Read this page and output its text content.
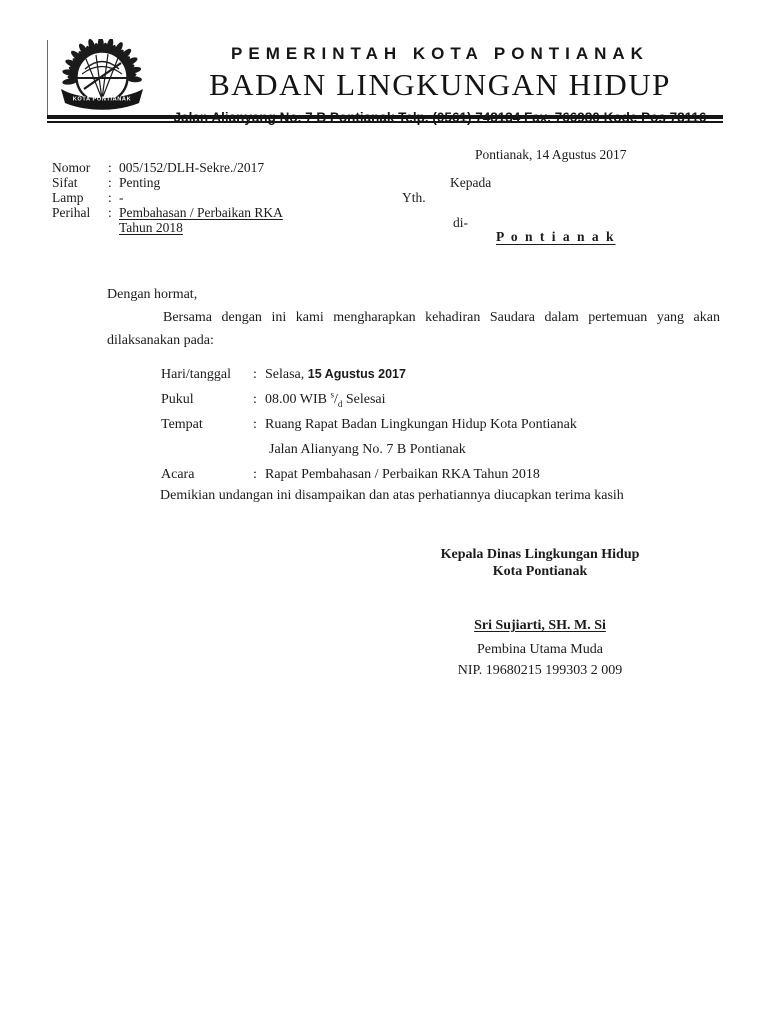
KOTA PONTIANAK
PEMERINTAH KOTA PONTIANAK
BADAN LINGKUNGAN HIDUP
Pontianak, 14 Agustus 2017
Nomor	: 005/152/DLH-Sekre./2017
Sifat	: Penting
Lamp	: -
Perihal	: Pembahasan / Perbaikan RKA
Tahun 2018
Kepada
Yth.
di-
P o n t i a n a k
Dengan hormat,
Bersama dengan ini kami mengharapkan kehadiran Saudara dalam pertemuan yang akan dilaksanakan pada:
Hari/tanggal	: Selasa, 15 Agustus 2017
Pukul	: 08.00 WIB $^s/_d$ Selesai
Tempat	: Ruang Rapat Badan Lingkungan Hidup Kota Pontianak
Jalan Alianyang No. 7 B Pontianak
Acara	: Rapat Pembahasan / Perbaikan RKA Tahun 2018
Demikian undangan ini disampaikan dan atas perhatiannya diucapkan terima kasih
Kepala Dinas Lingkungan Hidup
Kota Pontianak
Sri Sujiarti, SH. M. Si
Pembina Utama Muda
NIP. 19680215 199303 2 009
